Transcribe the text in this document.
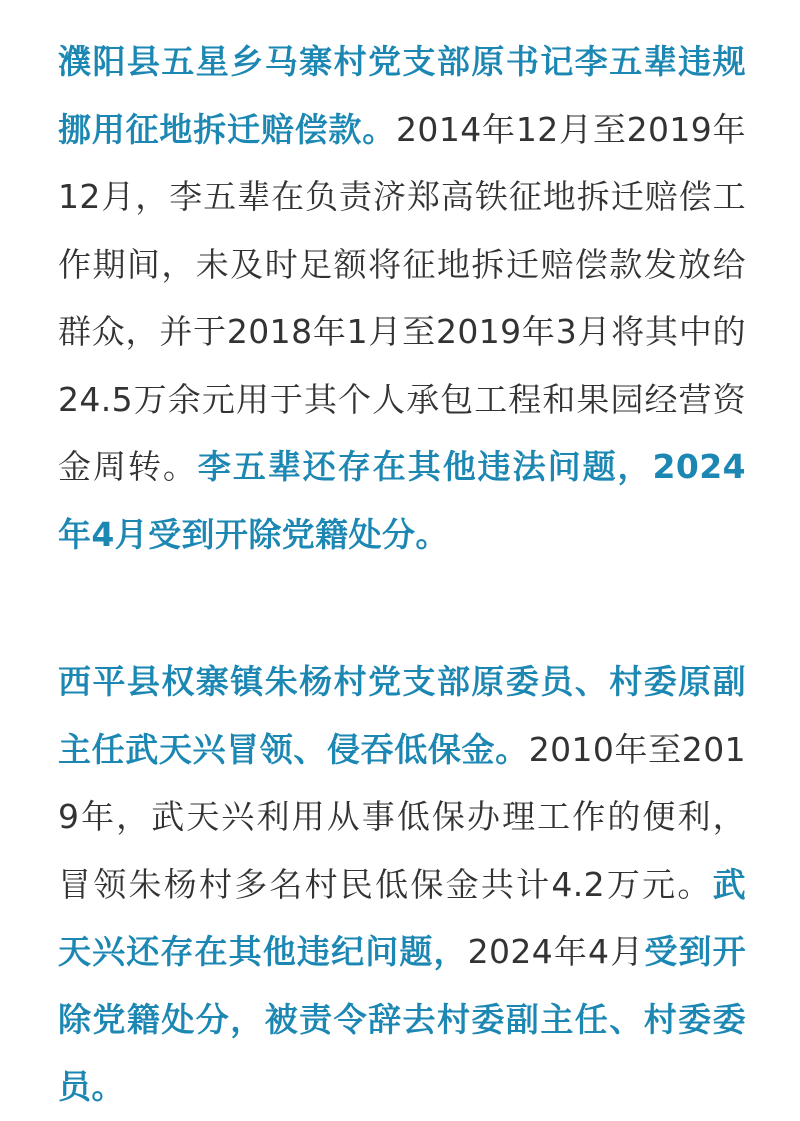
濮阳县五星乡马寨村党支部原书记李五辈违规挪用征地拆迁赔偿款。2014年12月至2019年12月，李五辈在负责济郑高铁征地拆迁赔偿工作期间，未及时足额将征地拆迁赔偿款发放给群众，并于2018年1月至2019年3月将其中的24.5万余元用于其个人承包工程和果园经营资金周转。李五辈还存在其他违法问题，2024年4月受到开除党籍处分。

西平县权寨镇朱杨村党支部原委员、村委原副主任武天兴冒领、侵吞低保金。2010年至2019年，武天兴利用从事低保办理工作的便利，冒领朱杨村多名村民低保金共计4.2万元。武天兴还存在其他违纪问题，2024年4月受到开除党籍处分，被责令辞去村委副主任、村委委员。
